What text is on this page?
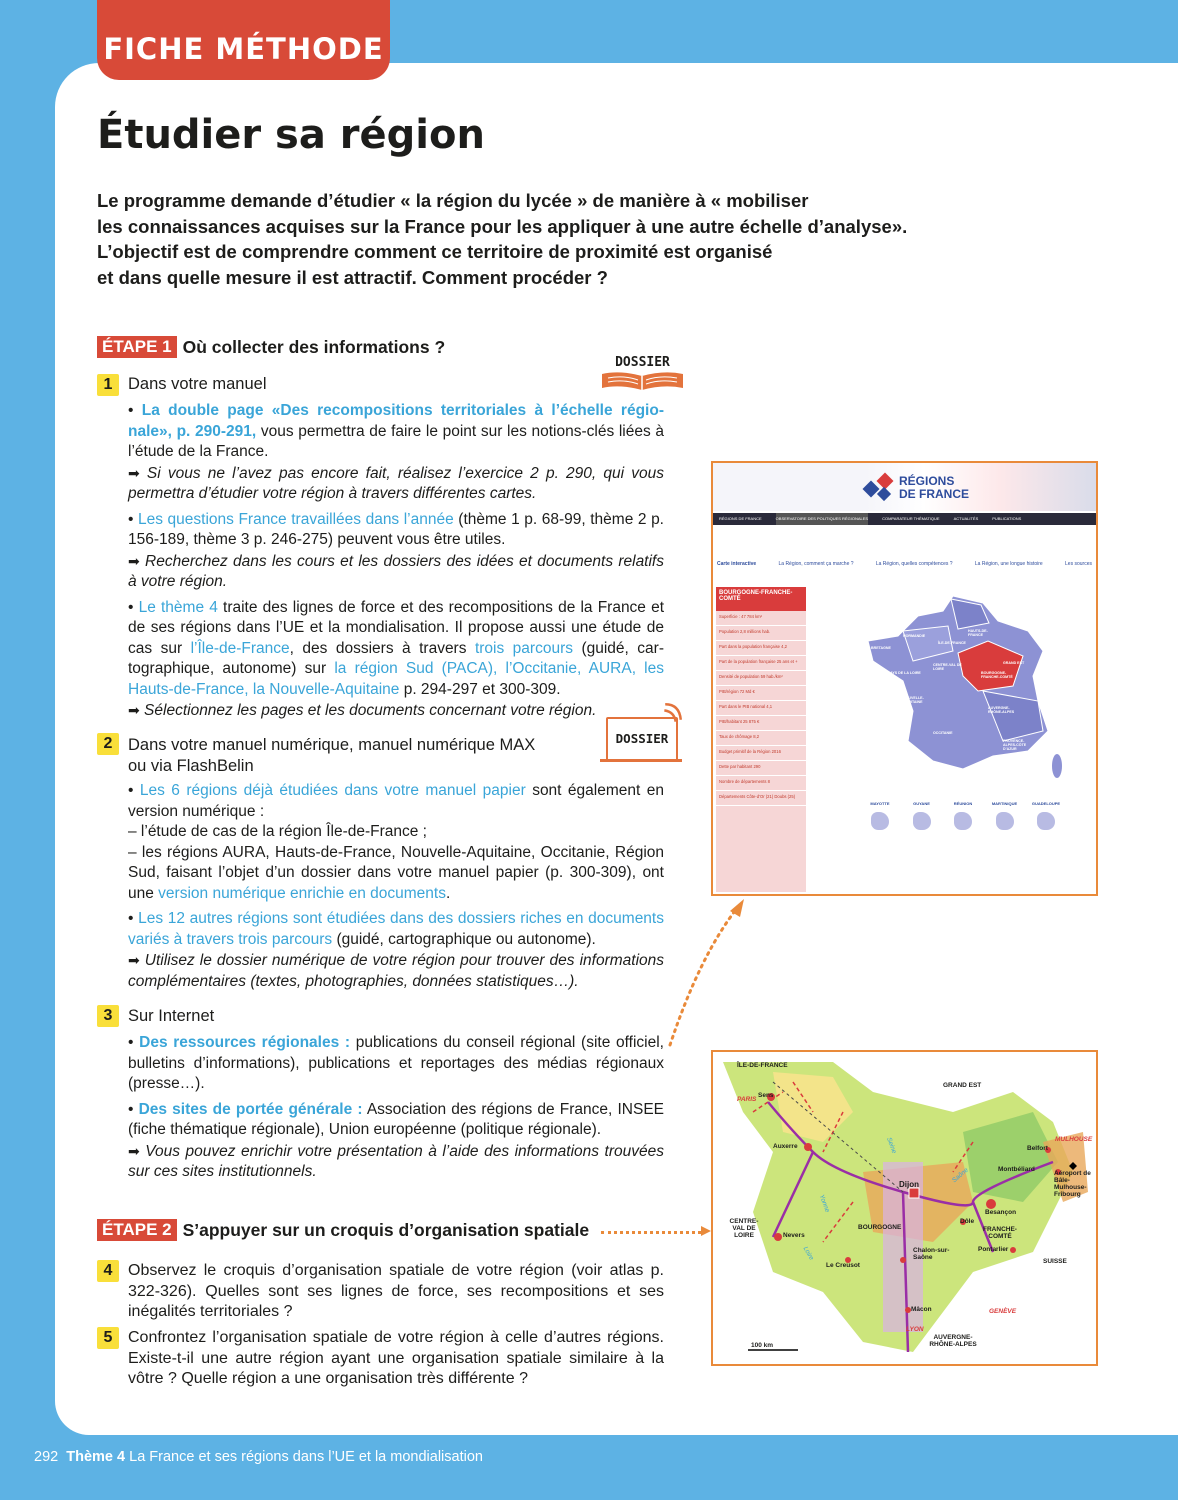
FICHE MÉTHODE
Étudier sa région
Le programme demande d’étudier « la région du lycée » de manière à « mobiliser
les connaissances acquises sur la France pour les appliquer à une autre échelle d’analyse».
L’objectif est de comprendre comment ce territoire de proximité est organisé
et dans quelle mesure il est attractif. Comment procéder ?
ÉTAPE 1 Où collecter des informations ?
DOSSIER
1 Dans votre manuel

• La double page «Des recompositions territoriales à l’échelle régionale», p. 290-291, vous permettra de faire le point sur les notions-clés liées à l’étude de la France.
➡ Si vous ne l’avez pas encore fait, réalisez l’exercice 2 p. 290, qui vous permettra d’étudier votre région à travers différentes cartes.

• Les questions France travaillées dans l’année (thème 1 p. 68-99, thème 2 p. 156-189, thème 3 p. 246-275) peuvent vous être utiles.
➡ Recherchez dans les cours et les dossiers des idées et documents relatifs à votre région.

• Le thème 4 traite des lignes de force et des recompositions de la France et de ses régions dans l’UE et la mondialisation. Il propose aussi une étude de cas sur l’Île-de-France, des dossiers à travers trois parcours (guidé, cartographique, autonome) sur la région Sud (PACA), l’Occitanie, AURA, les Hauts-de-France, la Nouvelle-Aquitaine p. 294-297 et 300-309.
➡ Sélectionnez les pages et les documents concernant votre région.

DOSSIER
2 Dans votre manuel numérique, manuel numérique MAX
ou via FlashBelin

• Les 6 régions déjà étudiées dans votre manuel papier sont également en version numérique :
– l’étude de cas de la région Île-de-France ;
– les régions AURA, Hauts-de-France, Nouvelle-Aquitaine, Occitanie, Région Sud, faisant l’objet d’un dossier dans votre manuel papier (p. 300-309), ont une version numérique enrichie en documents.

• Les 12 autres régions sont étudiées dans des dossiers riches en documents variés à travers trois parcours (guidé, cartographique ou autonome).
➡ Utilisez le dossier numérique de votre région pour trouver des informations complémentaires (textes, photographies, données statistiques…).

3 Sur Internet

• Des ressources régionales : publications du conseil régional (site officiel, bulletins d’informations), publications et reportages des médias régionaux (presse…).

• Des sites de portée générale : Association des régions de France, INSEE (fiche thématique régionale), Union européenne (politique régionale).
➡ Vous pouvez enrichir votre présentation à l’aide des informations trouvées sur ces sites institutionnels.

ÉTAPE 2 S’appuyer sur un croquis d’organisation spatiale
4 Observez le croquis d’organisation spatiale de votre région (voir atlas p. 322-326). Quelles sont ses lignes de force, ses recompositions et ses inégalités territoriales ?

5 Confrontez l’organisation spatiale de votre région à celle d’autres régions. Existe-t-il une autre région ayant une organisation spatiale similaire à la vôtre ? Quelle région a une organisation très différente ?

RÉGIONS
DE FRANCE
RÉGIONS DE FRANCE	OBSERVATOIRE DES POLITIQUES RÉGIONALES	COMPARATEUR THÉMATIQUE	ACTUALITÉS	PUBLICATIONS
Carte interactive	La Région, comment ça marche ?	La Région, quelles compétences ?	La Région, une longue histoire	Les sources
BOURGOGNE-FRANCHE-COMTÉ
Superficie : 47 784 km²
Population 2,8 millions hab.
Part dans la population française 4,2
Part de la population française 25 ans et +
Densité de population 59 hab./km²
PIB/région 72 Md €
Part dans le PIB national 4,1
PIB/habitant 25 875 €
Taux de chômage 8,2
Budget primitif de la Région 2016
Dette par habitant 290
Nombre de départements 8
Départements Côte-d’Or (21) Doubs (25)
HAUTS-DE-FRANCE
GRAND EST
ÎLE-DE-FRANCE
NORMANDIE
BRETAGNE
PAYS DE LA LOIRE
CENTRE-VAL DE LOIRE
BOURGOGNE-FRANCHE-COMTÉ
NOUVELLE-AQUITAINE
AUVERGNE-RHÔNE-ALPES
OCCITANIE
PROVENCE-ALPES-CÔTE D’AZUR
CORSE
MAYOTTE	GUYANE	RÉUNION	MARTINIQUE	GUADELOUPE
ÎLE-DE-FRANCE
GRAND EST
PARIS
Sens
Auxerre
MULHOUSE
Belfort
Montbéliard
Aéroport de Bâle-Mulhouse-Fribourg
Dijon
Besançon
Dôle
FRANCHE-COMTÉ
Pontarlier
SUISSE
CENTRE-VAL DE LOIRE	Nevers
BOURGOGNE
Chalon-sur-Saône
Le Creusot
Mâcon	GENÈVE
LYON
AUVERGNE-RHÔNE-ALPES
100 km
Seine
Yonne
Loire
Saône
292 Thème 4 La France et ses régions dans l’UE et la mondialisation
